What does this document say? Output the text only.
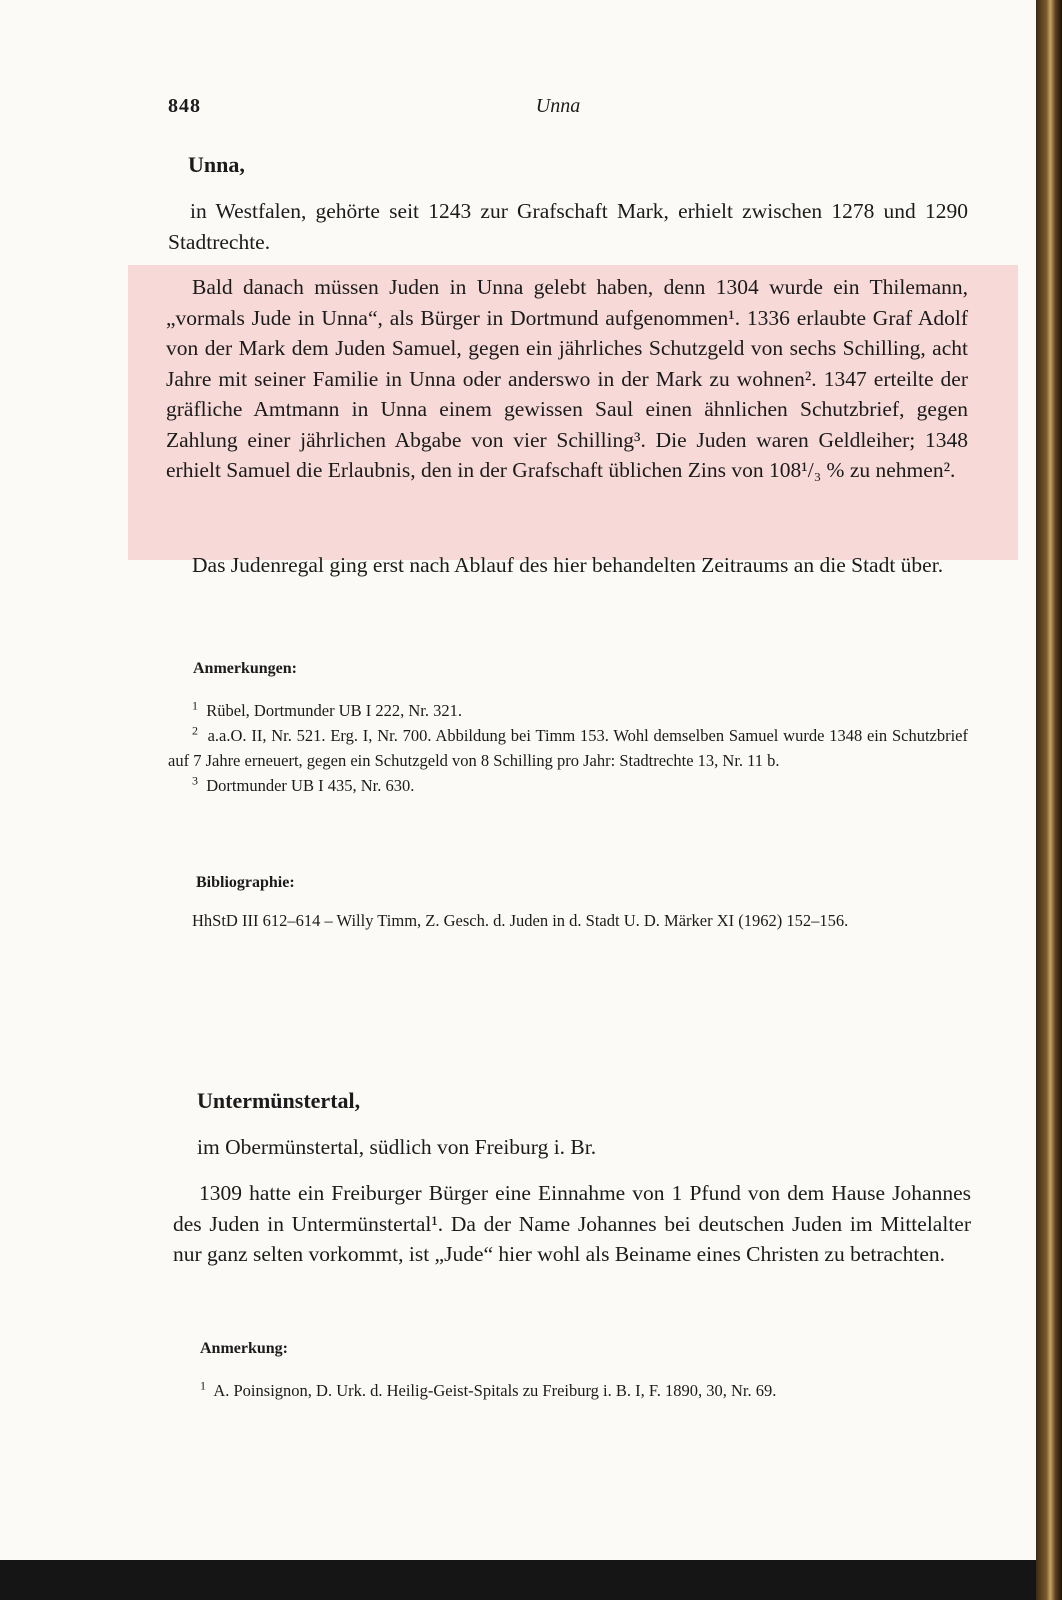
848	Unna
Unna,
in Westfalen, gehörte seit 1243 zur Grafschaft Mark, erhielt zwischen 1278 und 1290 Stadtrechte.
Bald danach müssen Juden in Unna gelebt haben, denn 1304 wurde ein Thilemann, „vormals Jude in Unna“, als Bürger in Dortmund aufgenommen¹. 1336 erlaubte Graf Adolf von der Mark dem Juden Samuel, gegen ein jährliches Schutzgeld von sechs Schilling, acht Jahre mit seiner Familie in Unna oder anderswo in der Mark zu wohnen². 1347 erteilte der gräfliche Amtmann in Unna einem gewissen Saul einen ähnlichen Schutzbrief, gegen Zahlung einer jährlichen Abgabe von vier Schilling³. Die Juden waren Geldleiher; 1348 erhielt Samuel die Erlaubnis, den in der Grafschaft üblichen Zins von 108¹/₃ % zu nehmen².
Das Judenregal ging erst nach Ablauf des hier behandelten Zeitraums an die Stadt über.
Anmerkungen:
$^1$ Rübel, Dortmunder UB I 222, Nr. 321.
$^2$ a.a.O. II, Nr. 521. Erg. I, Nr. 700. Abbildung bei Timm 153. Wohl demselben Samuel wurde 1348 ein Schutzbrief auf 7 Jahre erneuert, gegen ein Schutzgeld von 8 Schilling pro Jahr: Stadtrechte 13, Nr. 11 b.
$^3$ Dortmunder UB I 435, Nr. 630.
Bibliographie:
HhStD III 612–614 – Willy Timm, Z. Gesch. d. Juden in d. Stadt U. D. Märker XI (1962) 152–156.
Untermünstertal,
im Obermünstertal, südlich von Freiburg i. Br.
1309 hatte ein Freiburger Bürger eine Einnahme von 1 Pfund von dem Hause Johannes des Juden in Untermünstertal¹. Da der Name Johannes bei deutschen Juden im Mittelalter nur ganz selten vorkommt, ist „Jude“ hier wohl als Beiname eines Christen zu betrachten.
Anmerkung:
$^1$ A. Poinsignon, D. Urk. d. Heilig-Geist-Spitals zu Freiburg i. B. I, F. 1890, 30, Nr. 69.
